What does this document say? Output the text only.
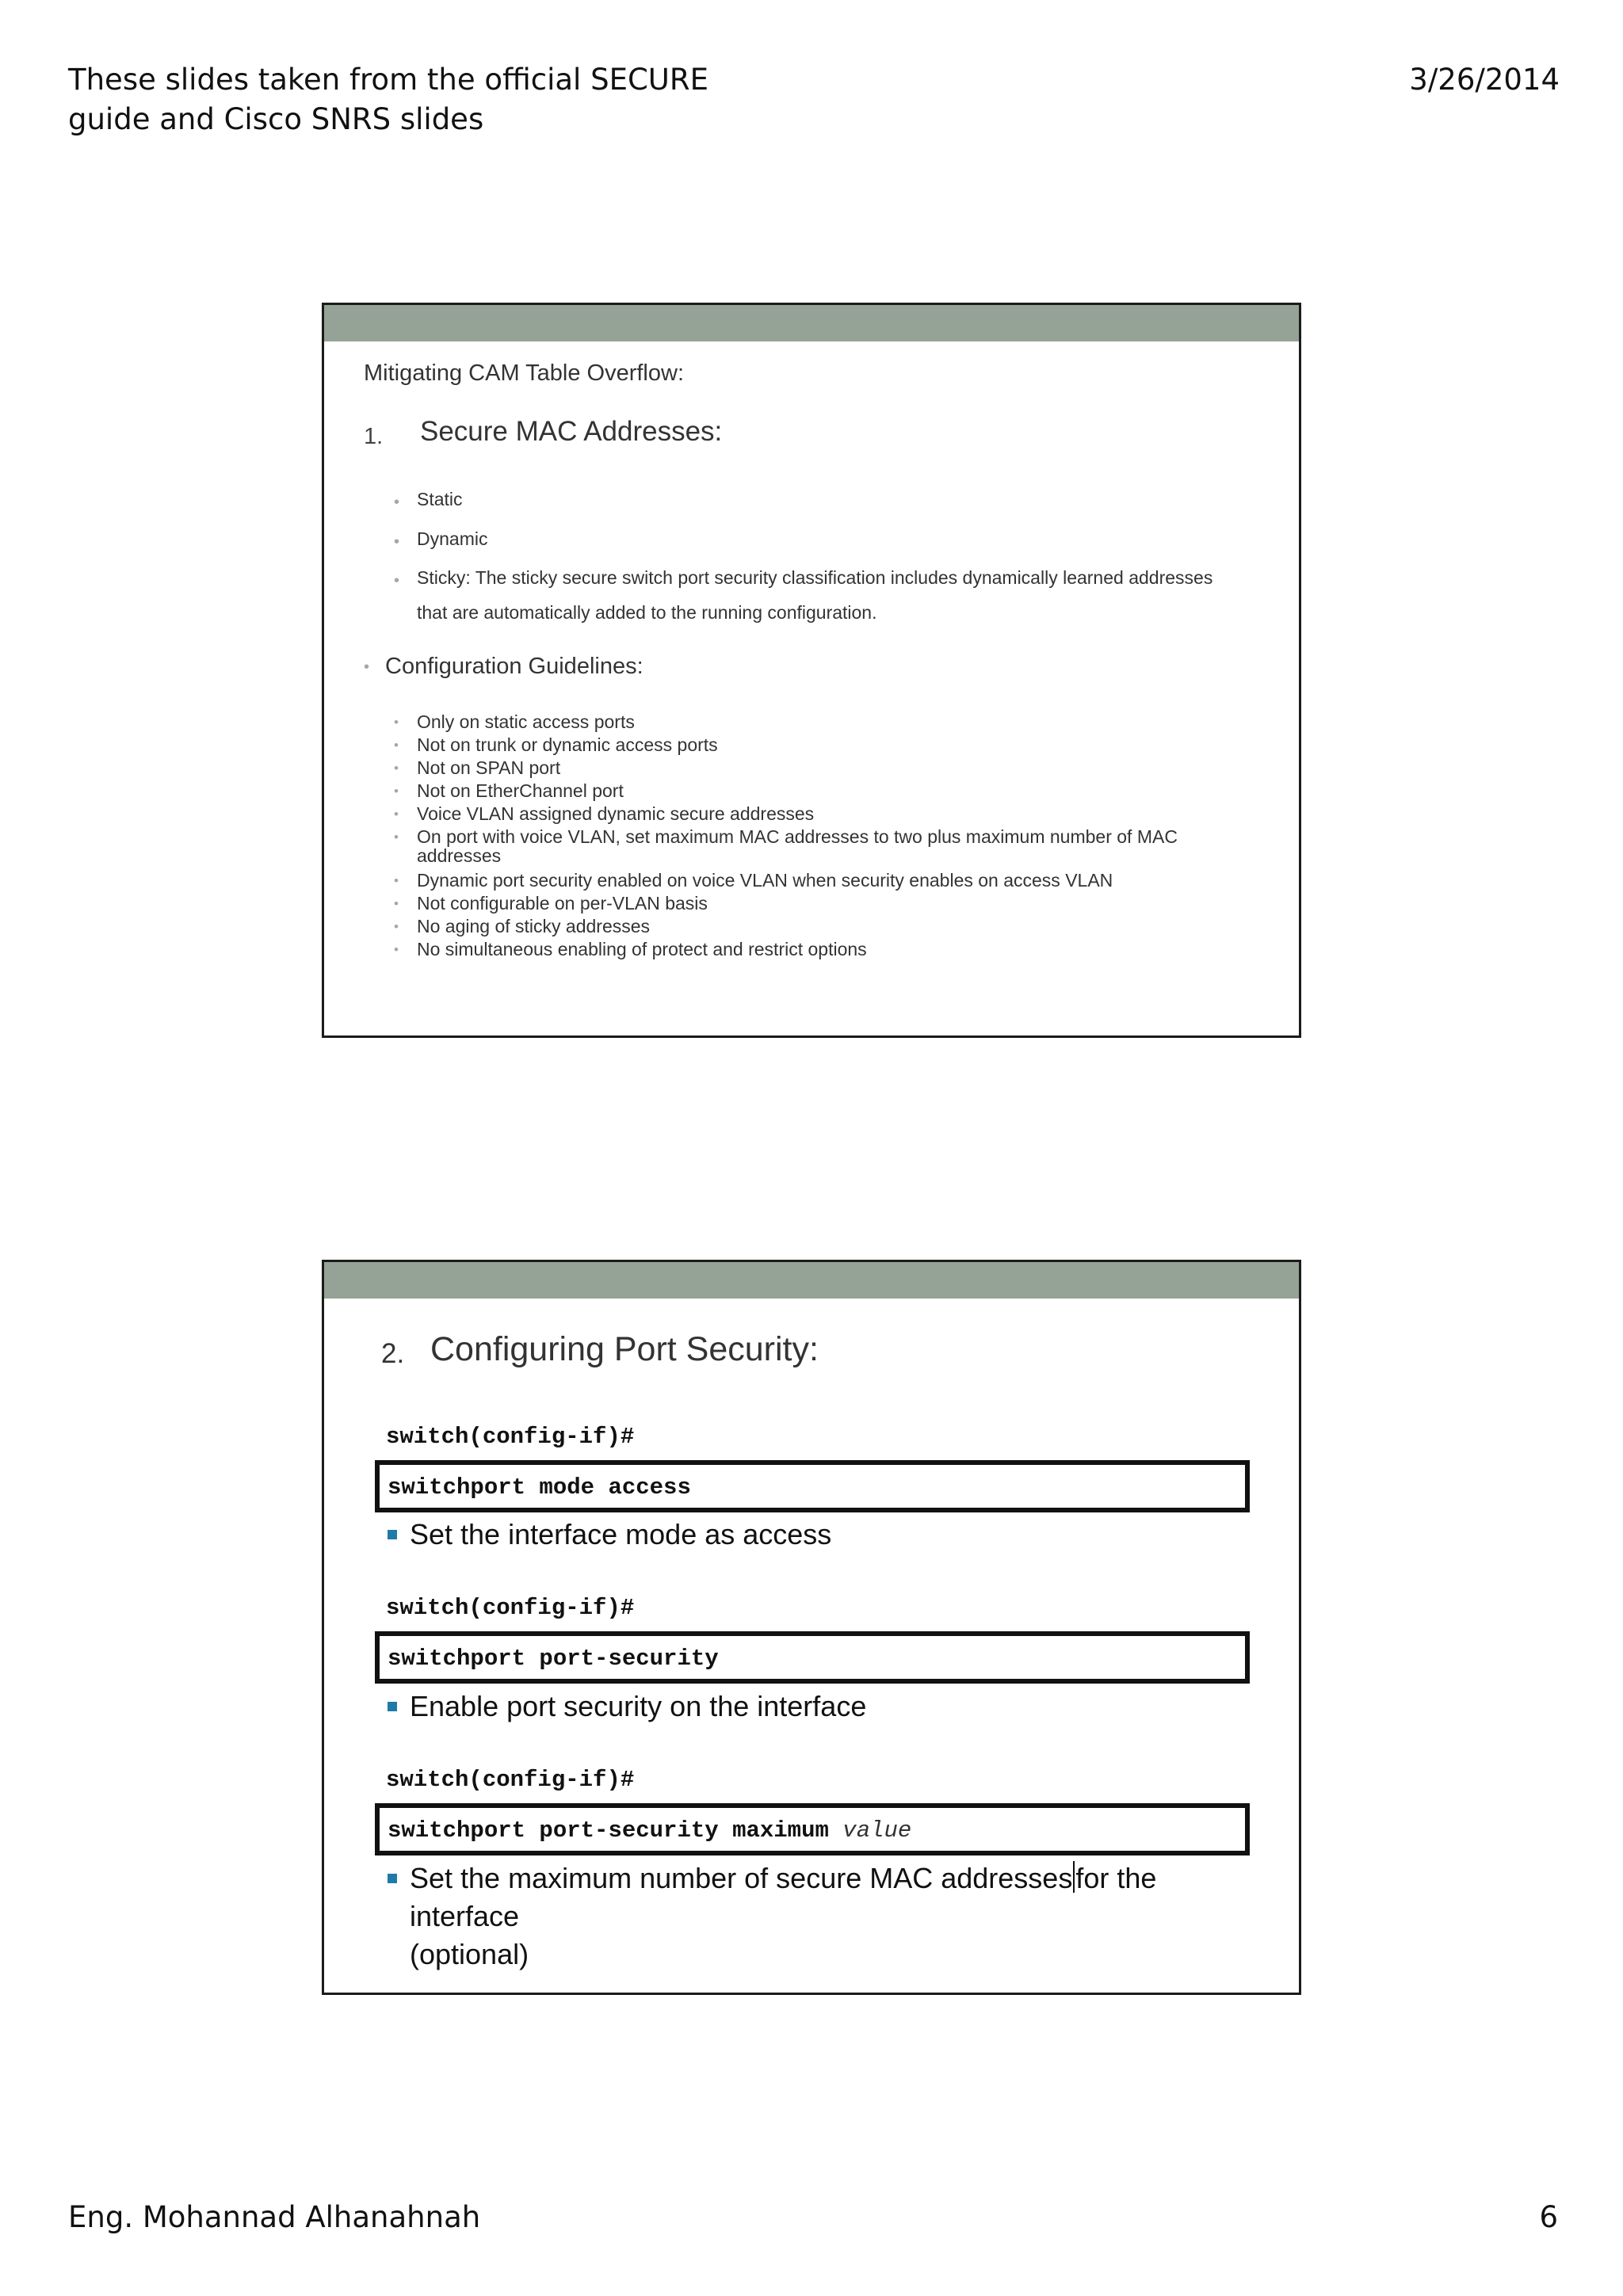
These slides taken from the official SECURE
guide and Cisco SNRS slides
3/26/2014
Mitigating CAM Table Overflow:
1. Secure MAC Addresses:
• Static
• Dynamic
• Sticky: The sticky secure switch port security classification includes dynamically learned addresses
that are automatically added to the running configuration.
• Configuration Guidelines:
• Only on static access ports
• Not on trunk or dynamic access ports
• Not on SPAN port
• Not on EtherChannel port
• Voice VLAN assigned dynamic secure addresses
• On port with voice VLAN, set maximum MAC addresses to two plus maximum number of MAC
addresses
• Dynamic port security enabled on voice VLAN when security enables on access VLAN
• Not configurable on per-VLAN basis
• No aging of sticky addresses
• No simultaneous enabling of protect and restrict options
2. Configuring Port Security:
switch(config-if)#
switchport mode access
Set the interface mode as access
switch(config-if)#
switchport port-security
Enable port security on the interface
switch(config-if)#
switchport port-security maximum value
Set the maximum number of secure MAC addresses for the interface
(optional)
Eng. Mohannad Alhanahnah	6
